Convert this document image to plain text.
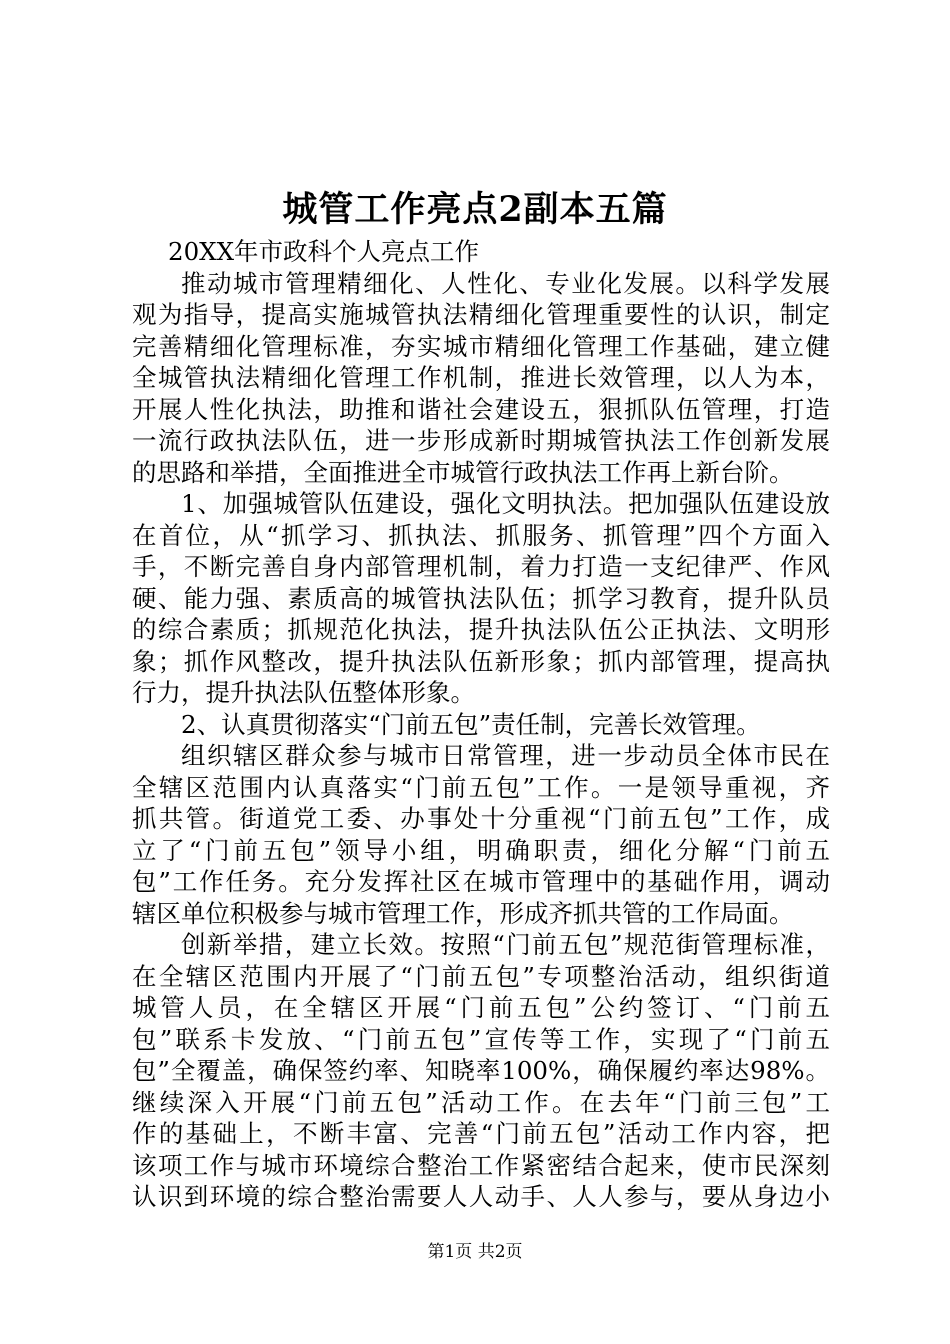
城管工作亮点2副本五篇
20XX年市政科个人亮点工作
推动城市管理精细化、人性化、专业化发展。以科学发展
观为指导，提高实施城管执法精细化管理重要性的认识，制定
完善精细化管理标准，夯实城市精细化管理工作基础，建立健
全城管执法精细化管理工作机制，推进长效管理，以人为本，
开展人性化执法，助推和谐社会建设五，狠抓队伍管理，打造
一流行政执法队伍，进一步形成新时期城管执法工作创新发展
的思路和举措，全面推进全市城管行政执法工作再上新台阶。
1、加强城管队伍建设，强化文明执法。把加强队伍建设放
在首位，从“抓学习、抓执法、抓服务、抓管理”四个方面入
手，不断完善自身内部管理机制，着力打造一支纪律严、作风
硬、能力强、素质高的城管执法队伍；抓学习教育，提升队员
的综合素质；抓规范化执法，提升执法队伍公正执法、文明形
象；抓作风整改，提升执法队伍新形象；抓内部管理，提高执
行力，提升执法队伍整体形象。
2、认真贯彻落实“门前五包”责任制，完善长效管理。
组织辖区群众参与城市日常管理，进一步动员全体市民在
全辖区范围内认真落实“门前五包”工作。一是领导重视，齐
抓共管。街道党工委、办事处十分重视“门前五包”工作，成
立了“门前五包”领导小组，明确职责，细化分解“门前五
包”工作任务。充分发挥社区在城市管理中的基础作用，调动
辖区单位积极参与城市管理工作，形成齐抓共管的工作局面。
创新举措，建立长效。按照“门前五包”规范街管理标准，
在全辖区范围内开展了“门前五包”专项整治活动，组织街道
城管人员，在全辖区开展“门前五包”公约签订、“门前五
包”联系卡发放、“门前五包”宣传等工作，实现了“门前五
包”全覆盖，确保签约率、知晓率100%，确保履约率达98%。
继续深入开展“门前五包”活动工作。在去年“门前三包”工
作的基础上，不断丰富、完善“门前五包”活动工作内容，把
该项工作与城市环境综合整治工作紧密结合起来，使市民深刻
认识到环境的综合整治需要人人动手、人人参与，要从身边小
第1页 共2页
